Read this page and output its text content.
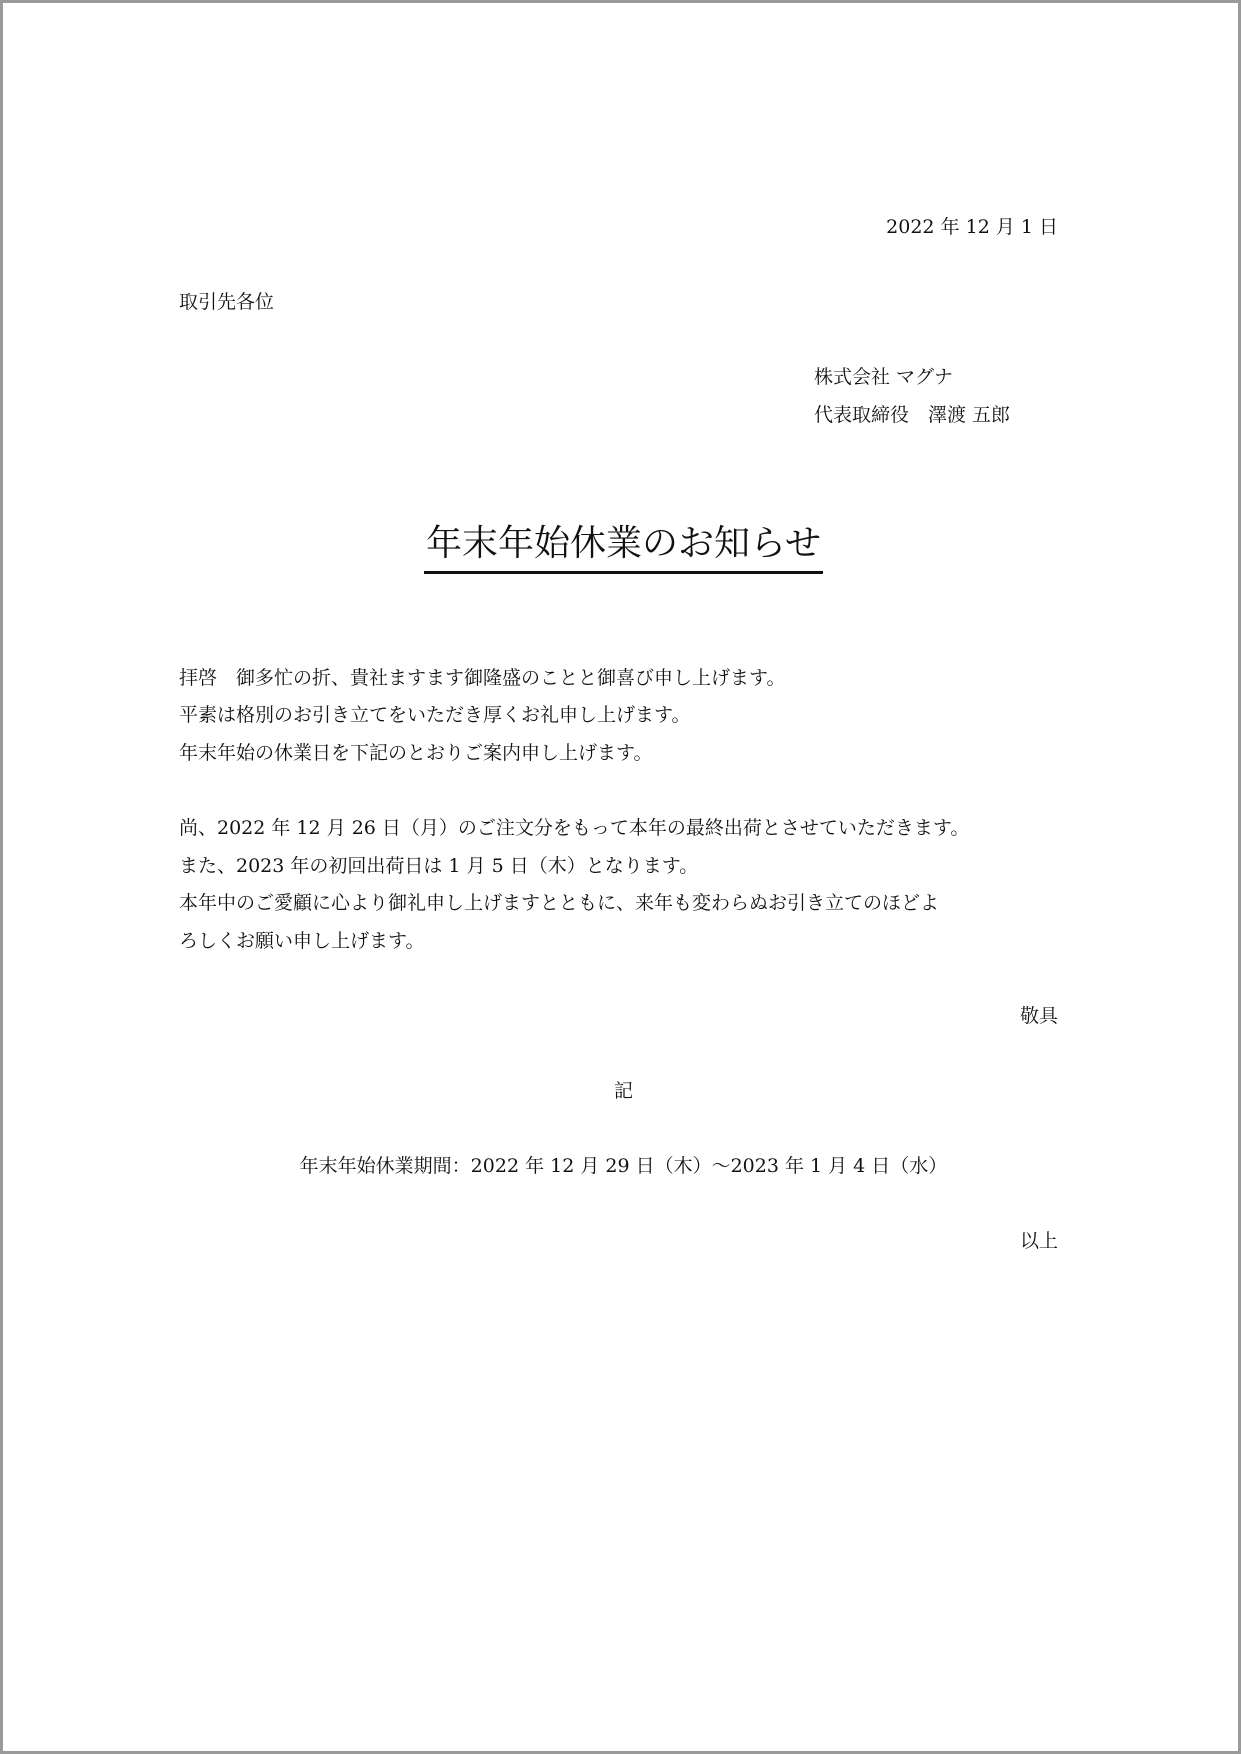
2022 年 12 月 1 日
取引先各位
株式会社 マグナ
代表取締役　澤渡 五郎
年末年始休業のお知らせ
拝啓　御多忙の折、貴社ますます御隆盛のことと御喜び申し上げます。
平素は格別のお引き立てをいただき厚くお礼申し上げます。
年末年始の休業日を下記のとおりご案内申し上げます。
尚、2022 年 12 月 26 日（月）のご注文分をもって本年の最終出荷とさせていただきます。
また、2023 年の初回出荷日は 1 月 5 日（木）となります。
本年中のご愛顧に心より御礼申し上げますとともに、来年も変わらぬお引き立てのほどよ
ろしくお願い申し上げます。
敬具
記
年末年始休業期間：2022 年 12 月 29 日（木）～2023 年 1 月 4 日（水）
以上
